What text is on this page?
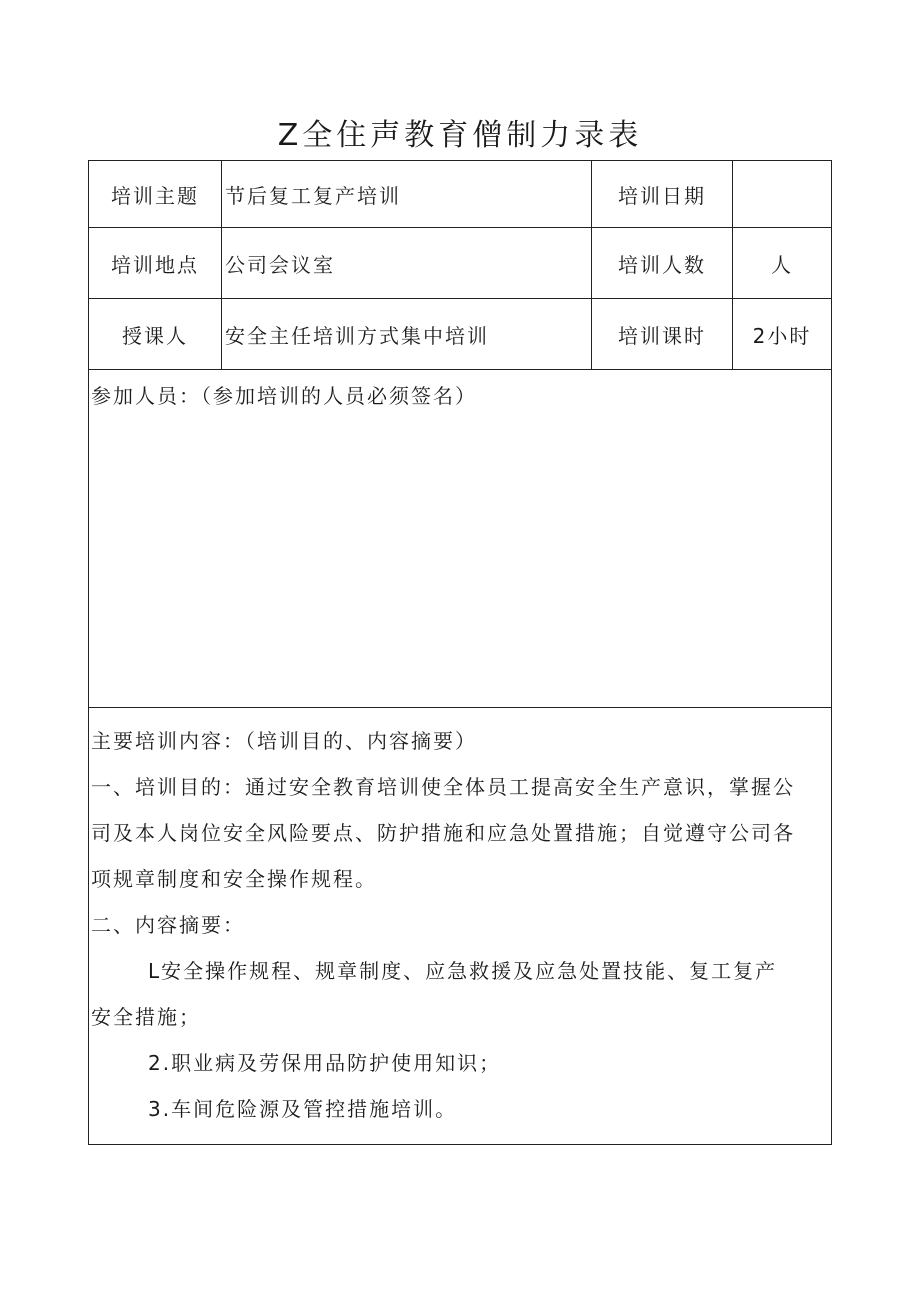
Z全住声教育僧制力录表
培训主题	节后复工复产培训	培训日期
培训地点	公司会议室	培训人数	人
授课人	安全主任培训方式集中培训	培训课时	2小时
参加人员：（参加培训的人员必须签名）

主要培训内容：（培训目的、内容摘要）

一、培训目的：通过安全教育培训使全体员工提高安全生产意识，掌握公

司及本人岗位安全风险要点、防护措施和应急处置措施；自觉遵守公司各

项规章制度和安全操作规程。

二、内容摘要：

L安全操作规程、规章制度、应急救援及应急处置技能、复工复产

安全措施；

2.职业病及劳保用品防护使用知识；

3.车间危险源及管控措施培训。
